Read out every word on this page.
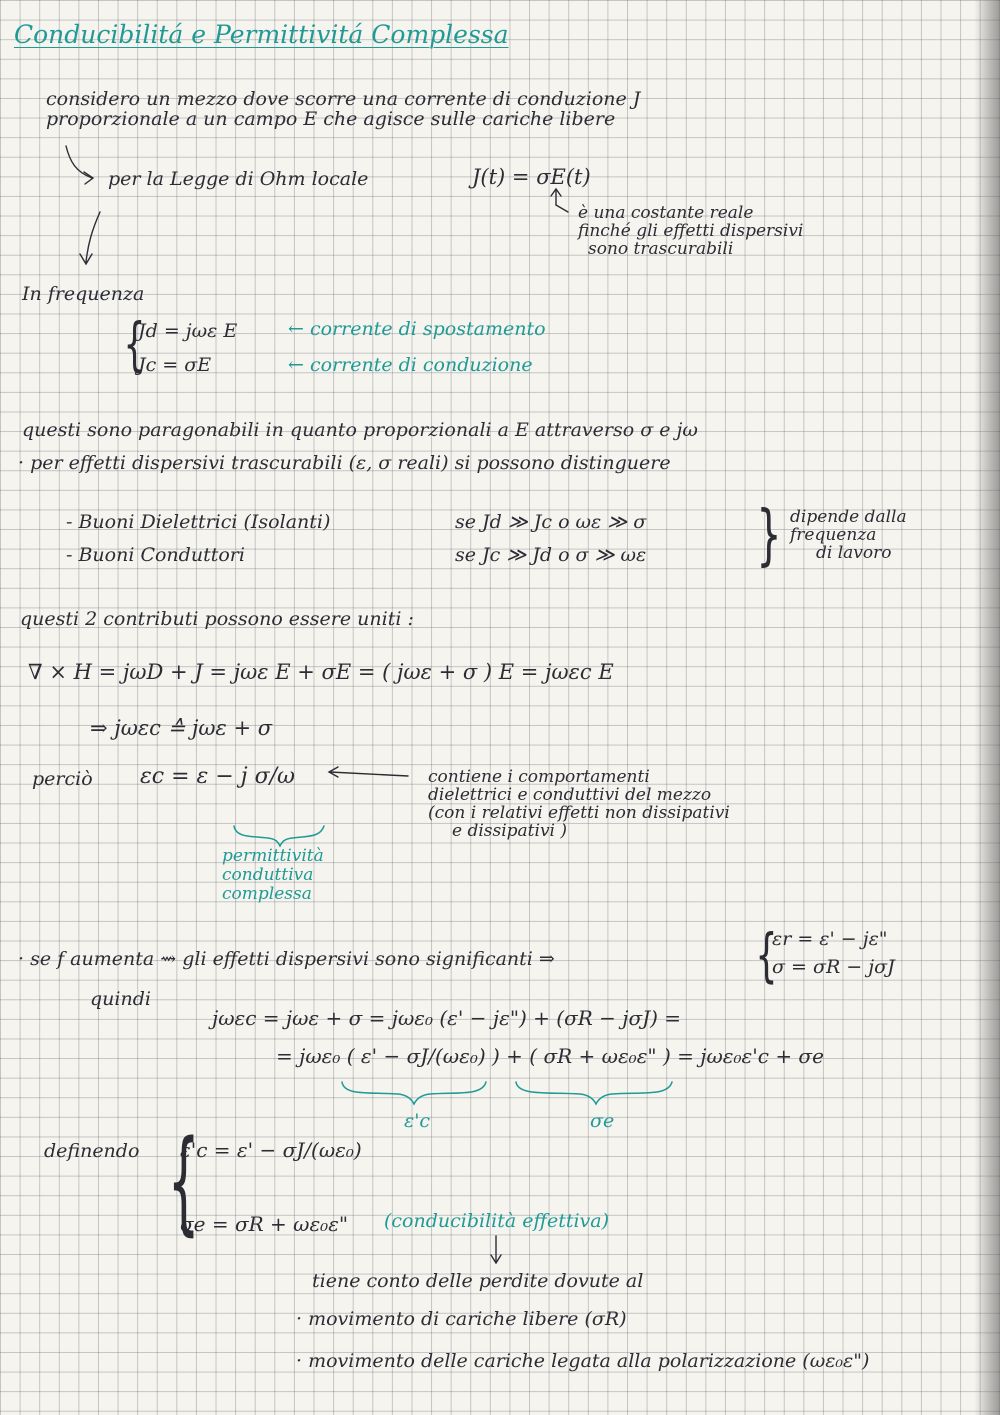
Conducibilitá e Permittivitá Complessa
considero un mezzo dove scorre una corrente di conduzione J
proporzionale a un campo E che agisce sulle cariche libere
per la Legge di Ohm locale	J(t) = σE(t)
è una costante reale
finché gli effetti dispersivi
sono trascurabili
In frequenza
{
Jd = jωε E	← corrente di spostamento
Jc = σE	← corrente di conduzione
questi sono paragonabili in quanto proporzionali a E attraverso σ e jω
· per effetti dispersivi trascurabili (ε, σ reali) si possono distinguere
- Buoni Dielettrici (Isolanti)	se Jd ≫ Jc o ωε ≫ σ
- Buoni Conduttori	se Jc ≫ Jd o σ ≫ ωε } dipende dalla
frequenza
di lavoro
questi 2 contributi possono essere uniti :
∇ × H = jωD + J = jωε E + σE = ( jωε + σ ) E = jωεc E
⇒ jωεc ≙ jωε + σ
perciò εc = ε − j σ/ω	contiene i comportamenti
dielettrici e conduttivi del mezzo
(con i relativi effetti non dissipativi
e dissipativi )
permittività
conduttiva
complessa
· se f aumenta ⇝ gli effetti dispersivi sono significanti ⇒	{
εr = ε' − jε"
σ = σR − jσJ
quindi
jωεc = jωε + σ = jωε₀ (ε' − jε") + (σR − jσJ) =
= jωε₀ ( ε' − σJ/(ωε₀) ) + ( σR + ωε₀ε" ) = jωε₀ε'c + σe
ε'c	σe
definendo {
ε'c = ε' − σJ/(ωε₀)
σe = σR + ωε₀ε" (conducibilità effettiva)
tiene conto delle perdite dovute al
· movimento di cariche libere (σR)
· movimento delle cariche legata alla polarizzazione (ωε₀ε")
